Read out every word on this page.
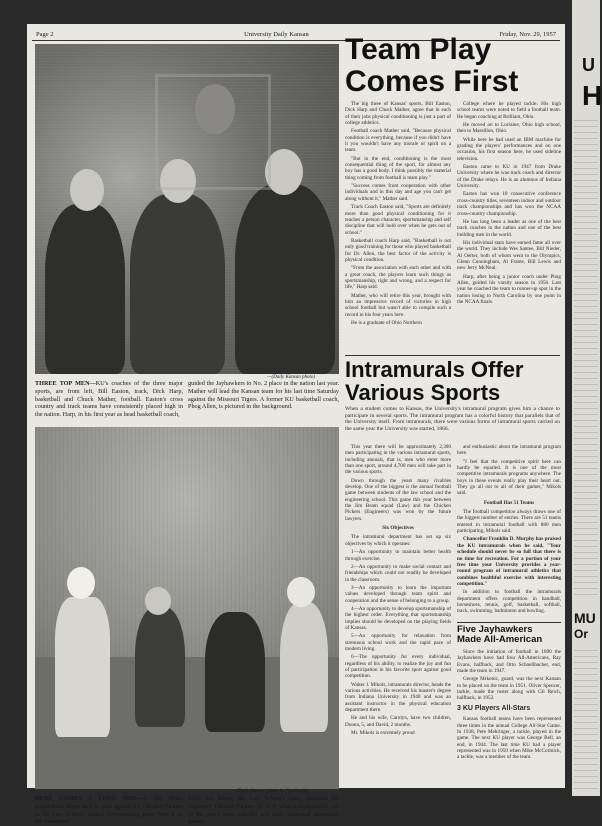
Page 2	University Daily Kansan	Friday, Nov. 29, 1957
—(Daily Kansan photo)
THREE TOP MEN—KU's coaches of the three major sports, are from left, Bill Easton, track, Dick Harp, basketball and Chuck Mather, football. Easton's cross country and track teams have consistently placed high in the nation. Harp, in his first year as head basketball coach,
guided the Jayhawkers to No. 2 place in the nation last year. Mather will lead the Kansan team for his last time Saturday against the Missouri Tigers. A former KU basketball coach, Phog Allen, is pictured in the background.
—(Daily Kansan photo by Jim Strohl)
HERE COMES A LONG ONE—A Jim Beam quarterback drops back to pass against the Chicken Pickers in the Law School's annual homecoming game Nov. 6 on the intramural
field. Jim Beam, the Law School's team, defeated the engineers' Chicken Pickers 26-12 in what is traditionally one of the year's most colorful and hotly contested intramural games.
Team Play
Comes First

The big three of Kansas' sports, Bill Easton, Dick Harp and Chuck Mather, agree that in each of their jobs physical conditioning is just a part of college athletics.

Football coach Mather said, "Because physical condition is everything, because if you didn't have it you wouldn't have any morale or spirit on a team.

"But in the end, conditioning is the most consequential thing of the sport, for almost any boy has a good body. I think possibly the material thing coming from football is team play."

"Success comes from cooperation with other individuals and in this day and age you can't get along without it," Mather said.

Track Coach Easton said, "Sports are definitely more than good physical conditioning for it teaches a person character, sportsmanship and self discipline that will hold over when he gets out of school."

Basketball coach Harp said, "Basketball is not only good training for those who played basketball for Dr. Allen, the best factor of the activity is physical condition.

"From the association with each other and with a great coach, the players learn such things as sportsmanship, right and wrong, and a respect for life," Harp said.

Mather, who will retire this year, brought with him an impressive record of victories in high school football but wasn't able to compile such a record in his four years here.

He is a graduate of Ohio Northern

College where he played tackle. His high school teams were noted to field a football team. He began coaching at Brilliant, Ohio.

He moved on to Lorraine, Ohio high school, then to Massillon, Ohio.

While here he had used an IBM machine for grading the players' performances and on one occasion, his first season here, he used sideline television.

Easton came to KU in 1947 from Drake University where he was track coach and director of the Drake relays. He is an alumnus of Indiana University.

Easton has won 10 consecutive conference cross-country titles, seventeen indoor and outdoor track championships and has won the NCAA cross-country championship.

He has long been a leader as one of the best track coaches in the nation and one of the best building men in the world.

His individual stars have earned fame all over the world. They include Wes Santee, Bill Nieder, Al Oerter, both of whom went to the Olympics, Glenn Cunningham, Al Frame, Bill Lewis and new Jerry McNeal.

Harp, after being a junior coach under Phog Allen, guided his varsity season in 1956. Last year he coached the team to runner-up spot in the nation losing to North Carolina by one point in the NCAA finals.

Intramurals Offer
Various Sports
When a student comes to Kansas, the University's intramural program gives him a chance to participate in several sports. The intramural program has a colorful history that parallels that of the University itself. From intramurals, there were various forms of intramural sports carried on the same year the University was started, 1866.

This year there will be approximately 2,300 men participating in the various intramural sports, including annuals, that is, men who enter more than one sport, around 4,700 men will take part in the various sports.

Down through the years many rivalries develop. One of the biggest is the annual football game between students of the law school and the engineering school. This game this year between the Jim Beam squad (Law) and the Chicken Pickers (Engineers) was won by the future lawyers.

Six Objectives

The intramural department has set up six objectives by which it operates:

1—An opportunity to maintain better health through exercise.

2—An opportunity to make social contact and friendships which could not readily be developed in the classroom.

3—An opportunity to learn the important values developed through team spirit and cooperation and the sense of belonging to a group.

4—An opportunity to develop sportsmanship of the highest order. Everything that sportsmanship implies should be developed on the playing fields of Kansas.

5—An opportunity for relaxation from strenuous school work and the rapid pace of modern living.

6—The opportunity for every individual, regardless of his ability, to realize the joy and fun of participation in his favorite sport against good competition.

Walter J. Mikols, intramurals director, heads the various activities. He received his master's degree from Indiana University in 1940 and was an assistant instructor in the physical education department there.

He and his wife, Carolyn, have two children, Donna, 5, and David, 2 months.

Mr. Mikols is extremely proud

and enthusiastic about the intramural program here.

"I feel that the competitive spirit here can hardly be equaled. It is one of the most competitive intramurals programs anywhere. The boys in these events really play their heart out. They go all out to all of their games," Mikols said.

Football Has 51 Teams

The football competition always draws one of the biggest number of entries. There are 51 teams entered in intramural football with 880 men participating, Mikols said.

Chancellor Franklin D. Murphy has praised the KU intramurals when he said, "Your schedule should never be so full that there is no time for recreation. For a portion of your free time your University provides a year-round program of intramural athletics that combines healthful exercise with interesting competition."

In addition to football the intramurals department offers competition in handball, horseshoes, tennis, golf, basketball, softball, track, swimming, badminton and bowling.

Five Jayhawkers
Made All-American

Since the initiation of football in 1890 the Jayhawkers have had four All-Americans, Ray Evans, halfback, and Otto Schnellbacher, end, made the team in 1947.

George Mrkonic, guard, was the next Kansan to be placed on the team in 1951. Oliver Spencer, tackle, made the roster along with Gil Reich, halfback, in 1952.

3 KU Players All-Stars

Kansas football teams have been represented three times in the annual College All-Star Game. In 1938, Pete Mehringer, a tackle, played in the game. The next KU player was George Bell, an end, in 1944. The last time KU had a player represented was in 1950 when Mike McCormick, a tackle, was a member of the team.

U
H
MU
Or
